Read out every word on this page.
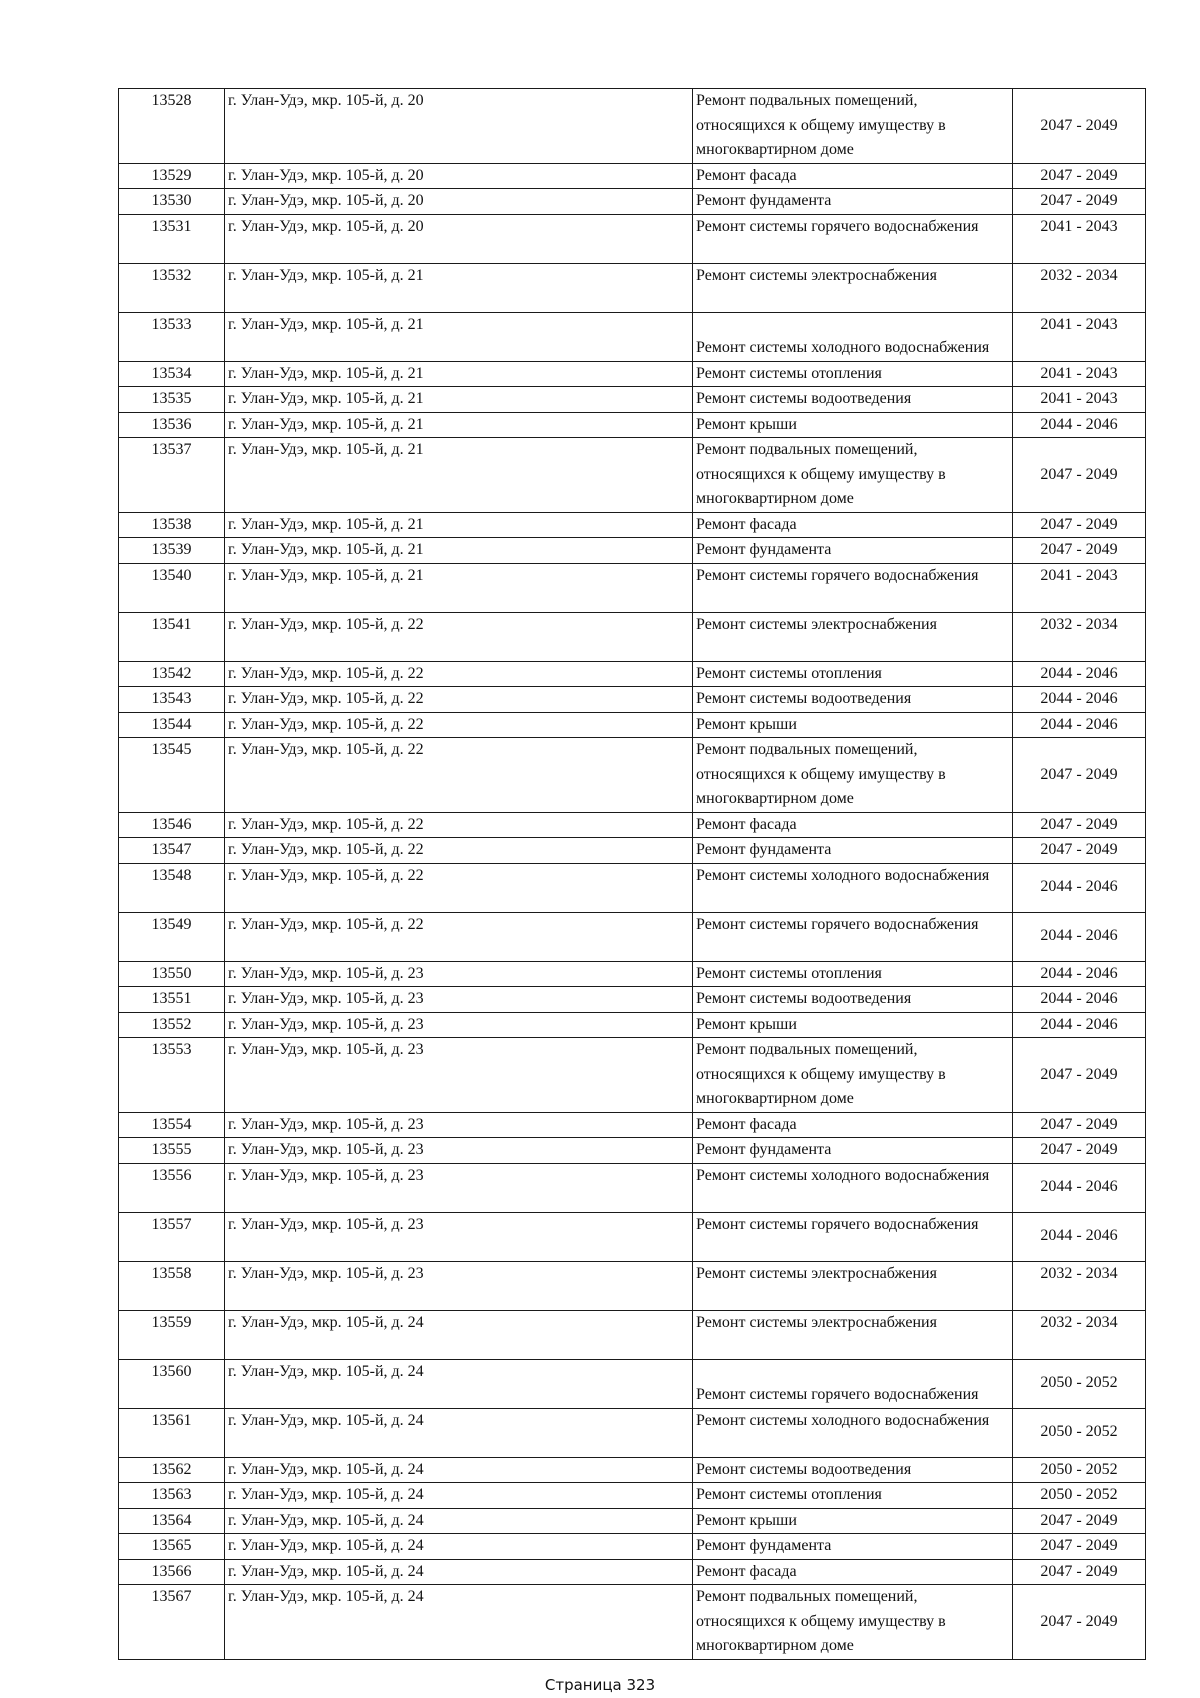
13528	г. Улан-Удэ, мкр. 105-й, д. 20	Ремонт подвальных помещений, относящихся к общему имуществу в многоквартирном доме	2047 - 2049
13529	г. Улан-Удэ, мкр. 105-й, д. 20	Ремонт фасада	2047 - 2049
13530	г. Улан-Удэ, мкр. 105-й, д. 20	Ремонт фундамента	2047 - 2049
13531	г. Улан-Удэ, мкр. 105-й, д. 20	Ремонт системы горячего водоснабжения	2041 - 2043
13532	г. Улан-Удэ, мкр. 105-й, д. 21	Ремонт системы электроснабжения	2032 - 2034
13533	г. Улан-Удэ, мкр. 105-й, д. 21	Ремонт системы холодного водоснабжения	2041 - 2043
13534	г. Улан-Удэ, мкр. 105-й, д. 21	Ремонт системы отопления	2041 - 2043
13535	г. Улан-Удэ, мкр. 105-й, д. 21	Ремонт системы водоотведения	2041 - 2043
13536	г. Улан-Удэ, мкр. 105-й, д. 21	Ремонт крыши	2044 - 2046
13537	г. Улан-Удэ, мкр. 105-й, д. 21	Ремонт подвальных помещений, относящихся к общему имуществу в многоквартирном доме	2047 - 2049
13538	г. Улан-Удэ, мкр. 105-й, д. 21	Ремонт фасада	2047 - 2049
13539	г. Улан-Удэ, мкр. 105-й, д. 21	Ремонт фундамента	2047 - 2049
13540	г. Улан-Удэ, мкр. 105-й, д. 21	Ремонт системы горячего водоснабжения	2041 - 2043
13541	г. Улан-Удэ, мкр. 105-й, д. 22	Ремонт системы электроснабжения	2032 - 2034
13542	г. Улан-Удэ, мкр. 105-й, д. 22	Ремонт системы отопления	2044 - 2046
13543	г. Улан-Удэ, мкр. 105-й, д. 22	Ремонт системы водоотведения	2044 - 2046
13544	г. Улан-Удэ, мкр. 105-й, д. 22	Ремонт крыши	2044 - 2046
13545	г. Улан-Удэ, мкр. 105-й, д. 22	Ремонт подвальных помещений, относящихся к общему имуществу в многоквартирном доме	2047 - 2049
13546	г. Улан-Удэ, мкр. 105-й, д. 22	Ремонт фасада	2047 - 2049
13547	г. Улан-Удэ, мкр. 105-й, д. 22	Ремонт фундамента	2047 - 2049
13548	г. Улан-Удэ, мкр. 105-й, д. 22	Ремонт системы холодного водоснабжения	2044 - 2046
13549	г. Улан-Удэ, мкр. 105-й, д. 22	Ремонт системы горячего водоснабжения	2044 - 2046
13550	г. Улан-Удэ, мкр. 105-й, д. 23	Ремонт системы отопления	2044 - 2046
13551	г. Улан-Удэ, мкр. 105-й, д. 23	Ремонт системы водоотведения	2044 - 2046
13552	г. Улан-Удэ, мкр. 105-й, д. 23	Ремонт крыши	2044 - 2046
13553	г. Улан-Удэ, мкр. 105-й, д. 23	Ремонт подвальных помещений, относящихся к общему имуществу в многоквартирном доме	2047 - 2049
13554	г. Улан-Удэ, мкр. 105-й, д. 23	Ремонт фасада	2047 - 2049
13555	г. Улан-Удэ, мкр. 105-й, д. 23	Ремонт фундамента	2047 - 2049
13556	г. Улан-Удэ, мкр. 105-й, д. 23	Ремонт системы холодного водоснабжения	2044 - 2046
13557	г. Улан-Удэ, мкр. 105-й, д. 23	Ремонт системы горячего водоснабжения	2044 - 2046
13558	г. Улан-Удэ, мкр. 105-й, д. 23	Ремонт системы электроснабжения	2032 - 2034
13559	г. Улан-Удэ, мкр. 105-й, д. 24	Ремонт системы электроснабжения	2032 - 2034
13560	г. Улан-Удэ, мкр. 105-й, д. 24	Ремонт системы горячего водоснабжения	2050 - 2052
13561	г. Улан-Удэ, мкр. 105-й, д. 24	Ремонт системы холодного водоснабжения	2050 - 2052
13562	г. Улан-Удэ, мкр. 105-й, д. 24	Ремонт системы водоотведения	2050 - 2052
13563	г. Улан-Удэ, мкр. 105-й, д. 24	Ремонт системы отопления	2050 - 2052
13564	г. Улан-Удэ, мкр. 105-й, д. 24	Ремонт крыши	2047 - 2049
13565	г. Улан-Удэ, мкр. 105-й, д. 24	Ремонт фундамента	2047 - 2049
13566	г. Улан-Удэ, мкр. 105-й, д. 24	Ремонт фасада	2047 - 2049
13567	г. Улан-Удэ, мкр. 105-й, д. 24	Ремонт подвальных помещений, относящихся к общему имуществу в многоквартирном доме	2047 - 2049
Страница 323
